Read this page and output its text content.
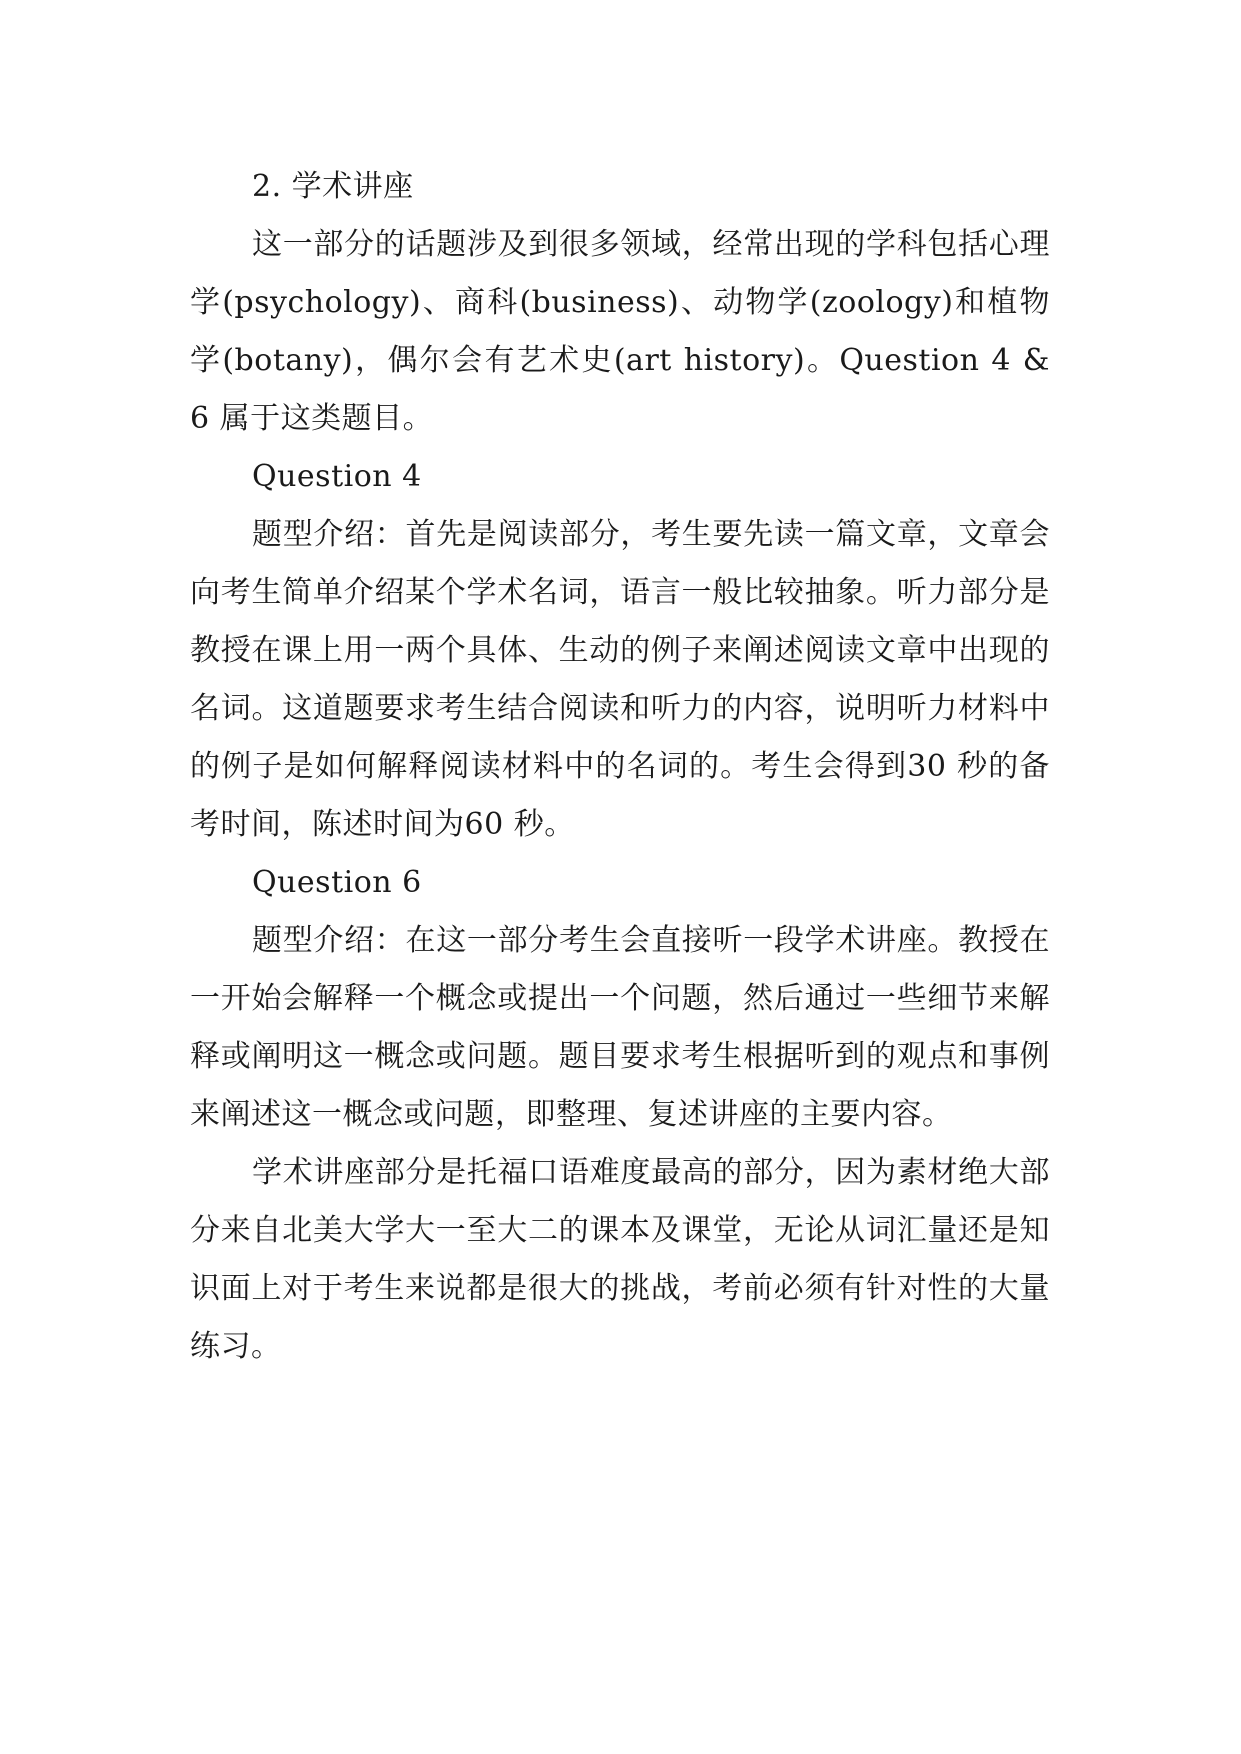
2. 学术讲座

这一部分的话题涉及到很多领域，经常出现的学科包括心理学(psychology)、商科(business)、动物学(zoology)和植物学(botany)，偶尔会有艺术史(art history)。Question 4 & 6 属于这类题目。

Question 4

题型介绍：首先是阅读部分，考生要先读一篇文章，文章会向考生简单介绍某个学术名词，语言一般比较抽象。听力部分是教授在课上用一两个具体、生动的例子来阐述阅读文章中出现的名词。这道题要求考生结合阅读和听力的内容，说明听力材料中的例子是如何解释阅读材料中的名词的。考生会得到30 秒的备考时间，陈述时间为60 秒。

Question 6

题型介绍：在这一部分考生会直接听一段学术讲座。教授在一开始会解释一个概念或提出一个问题，然后通过一些细节来解释或阐明这一概念或问题。题目要求考生根据听到的观点和事例来阐述这一概念或问题，即整理、复述讲座的主要内容。

学术讲座部分是托福口语难度最高的部分，因为素材绝大部分来自北美大学大一至大二的课本及课堂，无论从词汇量还是知识面上对于考生来说都是很大的挑战，考前必须有针对性的大量练习。
